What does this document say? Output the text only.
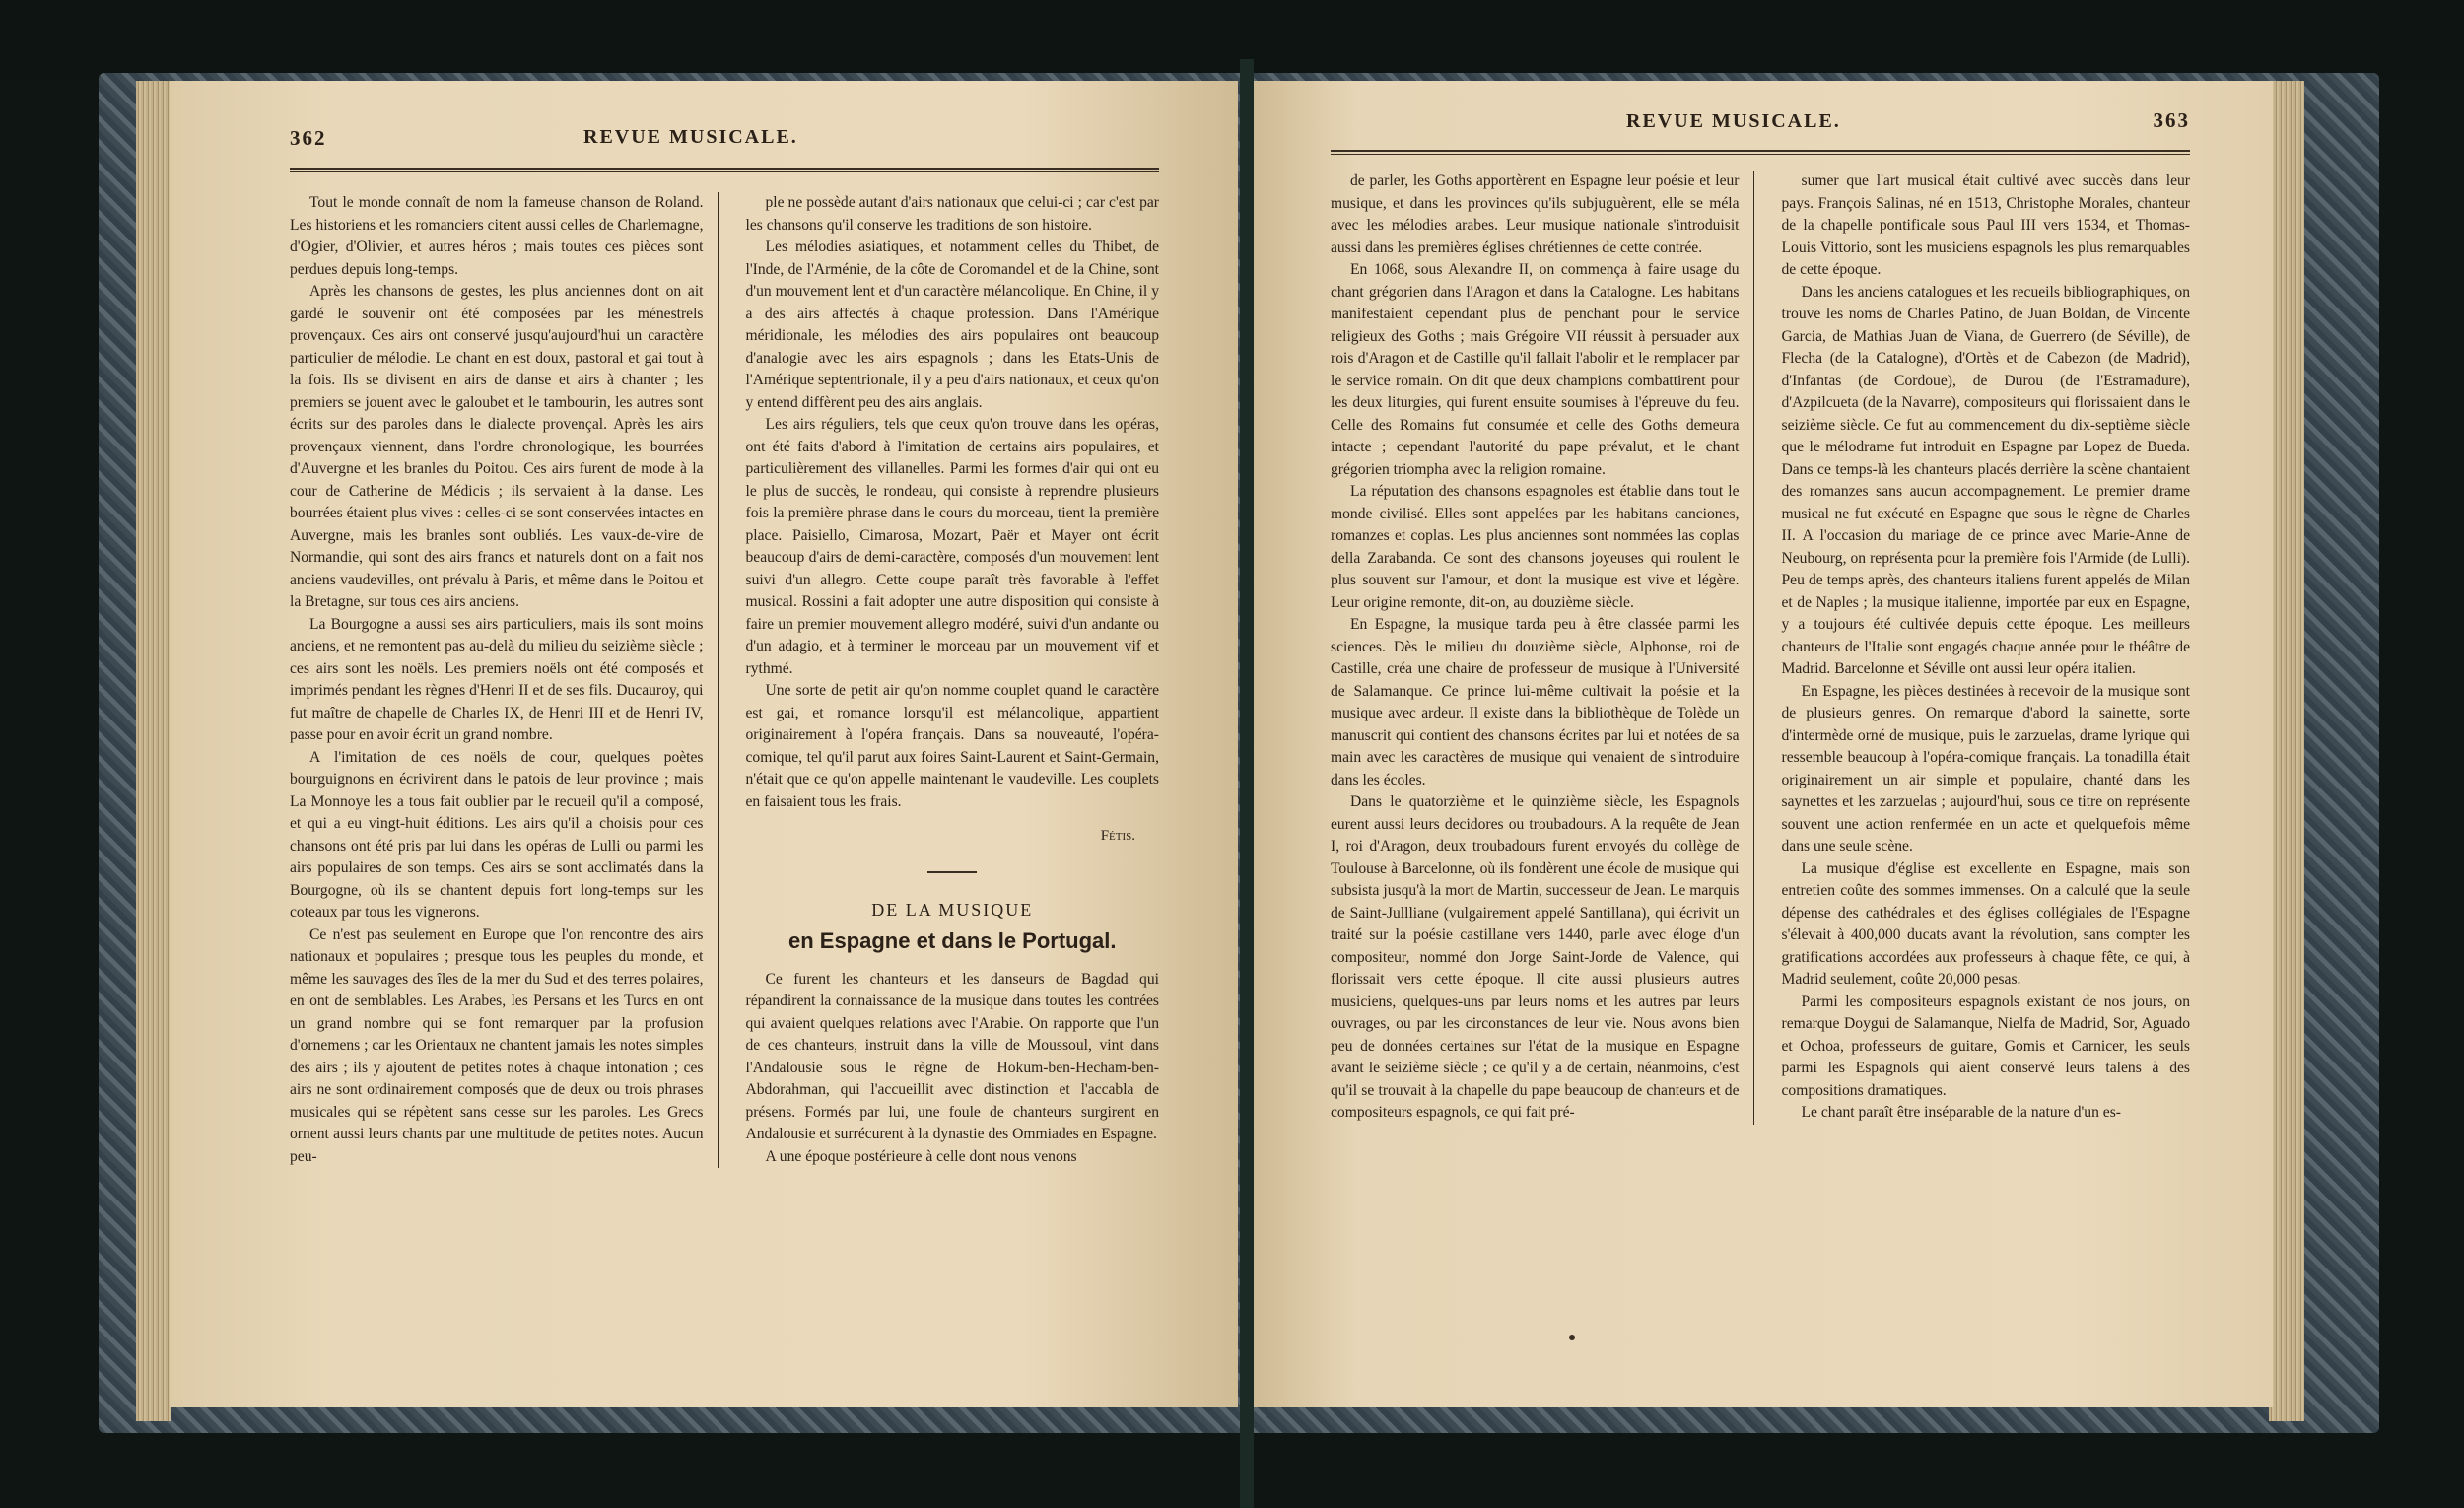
362	REVUE MUSICALE.

Tout le monde connaît de nom la fameuse chanson de Roland. Les historiens et les romanciers citent aussi celles de Charlemagne, d'Ogier, d'Olivier, et autres héros ; mais toutes ces pièces sont perdues depuis long-temps.

Après les chansons de gestes, les plus anciennes dont on ait gardé le souvenir ont été composées par les ménestrels provençaux. Ces airs ont conservé jusqu'aujourd'hui un caractère particulier de mélodie. Le chant en est doux, pastoral et gai tout à la fois. Ils se divisent en airs de danse et airs à chanter ; les premiers se jouent avec le galoubet et le tambourin, les autres sont écrits sur des paroles dans le dialecte provençal. Après les airs provençaux viennent, dans l'ordre chronologique, les bourrées d'Auvergne et les branles du Poitou. Ces airs furent de mode à la cour de Catherine de Médicis ; ils servaient à la danse. Les bourrées étaient plus vives : celles-ci se sont conservées intactes en Auvergne, mais les branles sont oubliés. Les vaux-de-vire de Normandie, qui sont des airs francs et naturels dont on a fait nos anciens vaudevilles, ont prévalu à Paris, et même dans le Poitou et la Bretagne, sur tous ces airs anciens.

La Bourgogne a aussi ses airs particuliers, mais ils sont moins anciens, et ne remontent pas au-delà du milieu du seizième siècle ; ces airs sont les noëls. Les premiers noëls ont été composés et imprimés pendant les règnes d'Henri II et de ses fils. Ducauroy, qui fut maître de chapelle de Charles IX, de Henri III et de Henri IV, passe pour en avoir écrit un grand nombre.

A l'imitation de ces noëls de cour, quelques poètes bourguignons en écrivirent dans le patois de leur province ; mais La Monnoye les a tous fait oublier par le recueil qu'il a composé, et qui a eu vingt-huit éditions. Les airs qu'il a choisis pour ces chansons ont été pris par lui dans les opéras de Lulli ou parmi les airs populaires de son temps. Ces airs se sont acclimatés dans la Bourgogne, où ils se chantent depuis fort long-temps sur les coteaux par tous les vignerons.

Ce n'est pas seulement en Europe que l'on rencontre des airs nationaux et populaires ; presque tous les peuples du monde, et même les sauvages des îles de la mer du Sud et des terres polaires, en ont de semblables. Les Arabes, les Persans et les Turcs en ont un grand nombre qui se font remarquer par la profusion d'ornemens ; car les Orientaux ne chantent jamais les notes simples des airs ; ils y ajoutent de petites notes à chaque intonation ; ces airs ne sont ordinairement composés que de deux ou trois phrases musicales qui se répètent sans cesse sur les paroles. Les Grecs ornent aussi leurs chants par une multitude de petites notes. Aucun peu-

ple ne possède autant d'airs nationaux que celui-ci ; car c'est par les chansons qu'il conserve les traditions de son histoire.

Les mélodies asiatiques, et notamment celles du Thibet, de l'Inde, de l'Arménie, de la côte de Coromandel et de la Chine, sont d'un mouvement lent et d'un caractère mélancolique. En Chine, il y a des airs affectés à chaque profession. Dans l'Amérique méridionale, les mélodies des airs populaires ont beaucoup d'analogie avec les airs espagnols ; dans les Etats-Unis de l'Amérique septentrionale, il y a peu d'airs nationaux, et ceux qu'on y entend diffèrent peu des airs anglais.

Les airs réguliers, tels que ceux qu'on trouve dans les opéras, ont été faits d'abord à l'imitation de certains airs populaires, et particulièrement des villanelles. Parmi les formes d'air qui ont eu le plus de succès, le rondeau, qui consiste à reprendre plusieurs fois la première phrase dans le cours du morceau, tient la première place. Paisiello, Cimarosa, Mozart, Paër et Mayer ont écrit beaucoup d'airs de demi-caractère, composés d'un mouvement lent suivi d'un allegro. Cette coupe paraît très favorable à l'effet musical. Rossini a fait adopter une autre disposition qui consiste à faire un premier mouvement allegro modéré, suivi d'un andante ou d'un adagio, et à terminer le morceau par un mouvement vif et rythmé.

Une sorte de petit air qu'on nomme couplet quand le caractère est gai, et romance lorsqu'il est mélancolique, appartient originairement à l'opéra français. Dans sa nouveauté, l'opéra-comique, tel qu'il parut aux foires Saint-Laurent et Saint-Germain, n'était que ce qu'on appelle maintenant le vaudeville. Les couplets en faisaient tous les frais.

Fétis.
DE LA MUSIQUE
en Espagne et dans le Portugal.

Ce furent les chanteurs et les danseurs de Bagdad qui répandirent la connaissance de la musique dans toutes les contrées qui avaient quelques relations avec l'Arabie. On rapporte que l'un de ces chanteurs, instruit dans la ville de Moussoul, vint dans l'Andalousie sous le règne de Hokum-ben-Hecham-ben-Abdorahman, qui l'accueillit avec distinction et l'accabla de présens. Formés par lui, une foule de chanteurs surgirent en Andalousie et surrécurent à la dynastie des Ommiades en Espagne.

A une époque postérieure à celle dont nous venons

REVUE MUSICALE.	363

de parler, les Goths apportèrent en Espagne leur poésie et leur musique, et dans les provinces qu'ils subjuguèrent, elle se méla avec les mélodies arabes. Leur musique nationale s'introduisit aussi dans les premières églises chrétiennes de cette contrée.

En 1068, sous Alexandre II, on commença à faire usage du chant grégorien dans l'Aragon et dans la Catalogne. Les habitans manifestaient cependant plus de penchant pour le service religieux des Goths ; mais Grégoire VII réussit à persuader aux rois d'Aragon et de Castille qu'il fallait l'abolir et le remplacer par le service romain. On dit que deux champions combattirent pour les deux liturgies, qui furent ensuite soumises à l'épreuve du feu. Celle des Romains fut consumée et celle des Goths demeura intacte ; cependant l'autorité du pape prévalut, et le chant grégorien triompha avec la religion romaine.

La réputation des chansons espagnoles est établie dans tout le monde civilisé. Elles sont appelées par les habitans canciones, romanzes et coplas. Les plus anciennes sont nommées las coplas della Zarabanda. Ce sont des chansons joyeuses qui roulent le plus souvent sur l'amour, et dont la musique est vive et légère. Leur origine remonte, dit-on, au douzième siècle.

En Espagne, la musique tarda peu à être classée parmi les sciences. Dès le milieu du douzième siècle, Alphonse, roi de Castille, créa une chaire de professeur de musique à l'Université de Salamanque. Ce prince lui-même cultivait la poésie et la musique avec ardeur. Il existe dans la bibliothèque de Tolède un manuscrit qui contient des chansons écrites par lui et notées de sa main avec les caractères de musique qui venaient de s'introduire dans les écoles.

Dans le quatorzième et le quinzième siècle, les Espagnols eurent aussi leurs decidores ou troubadours. A la requête de Jean I, roi d'Aragon, deux troubadours furent envoyés du collège de Toulouse à Barcelonne, où ils fondèrent une école de musique qui subsista jusqu'à la mort de Martin, successeur de Jean. Le marquis de Saint-Jullliane (vulgairement appelé Santillana), qui écrivit un traité sur la poésie castillane vers 1440, parle avec éloge d'un compositeur, nommé don Jorge Saint-Jorde de Valence, qui florissait vers cette époque. Il cite aussi plusieurs autres musiciens, quelques-uns par leurs noms et les autres par leurs ouvrages, ou par les circonstances de leur vie. Nous avons bien peu de données certaines sur l'état de la musique en Espagne avant le seizième siècle ; ce qu'il y a de certain, néanmoins, c'est qu'il se trouvait à la chapelle du pape beaucoup de chanteurs et de compositeurs espagnols, ce qui fait pré-

sumer que l'art musical était cultivé avec succès dans leur pays. François Salinas, né en 1513, Christophe Morales, chanteur de la chapelle pontificale sous Paul III vers 1534, et Thomas-Louis Vittorio, sont les musiciens espagnols les plus remarquables de cette époque.

Dans les anciens catalogues et les recueils bibliographiques, on trouve les noms de Charles Patino, de Juan Boldan, de Vincente Garcia, de Mathias Juan de Viana, de Guerrero (de Séville), de Flecha (de la Catalogne), d'Ortès et de Cabezon (de Madrid), d'Infantas (de Cordoue), de Durou (de l'Estramadure), d'Azpilcueta (de la Navarre), compositeurs qui florissaient dans le seizième siècle. Ce fut au commencement du dix-septième siècle que le mélodrame fut introduit en Espagne par Lopez de Bueda. Dans ce temps-là les chanteurs placés derrière la scène chantaient des romanzes sans aucun accompagnement. Le premier drame musical ne fut exécuté en Espagne que sous le règne de Charles II. A l'occasion du mariage de ce prince avec Marie-Anne de Neubourg, on représenta pour la première fois l'Armide (de Lulli). Peu de temps après, des chanteurs italiens furent appelés de Milan et de Naples ; la musique italienne, importée par eux en Espagne, y a toujours été cultivée depuis cette époque. Les meilleurs chanteurs de l'Italie sont engagés chaque année pour le théâtre de Madrid. Barcelonne et Séville ont aussi leur opéra italien.

En Espagne, les pièces destinées à recevoir de la musique sont de plusieurs genres. On remarque d'abord la sainette, sorte d'intermède orné de musique, puis le zarzuelas, drame lyrique qui ressemble beaucoup à l'opéra-comique français. La tonadilla était originairement un air simple et populaire, chanté dans les saynettes et les zarzuelas ; aujourd'hui, sous ce titre on représente souvent une action renfermée en un acte et quelquefois même dans une seule scène.

La musique d'église est excellente en Espagne, mais son entretien coûte des sommes immenses. On a calculé que la seule dépense des cathédrales et des églises collégiales de l'Espagne s'élevait à 400,000 ducats avant la révolution, sans compter les gratifications accordées aux professeurs à chaque fête, ce qui, à Madrid seulement, coûte 20,000 pesas.

Parmi les compositeurs espagnols existant de nos jours, on remarque Doygui de Salamanque, Nielfa de Madrid, Sor, Aguado et Ochoa, professeurs de guitare, Gomis et Carnicer, les seuls parmi les Espagnols qui aient conservé leurs talens à des compositions dramatiques.

Le chant paraît être inséparable de la nature d'un es-
